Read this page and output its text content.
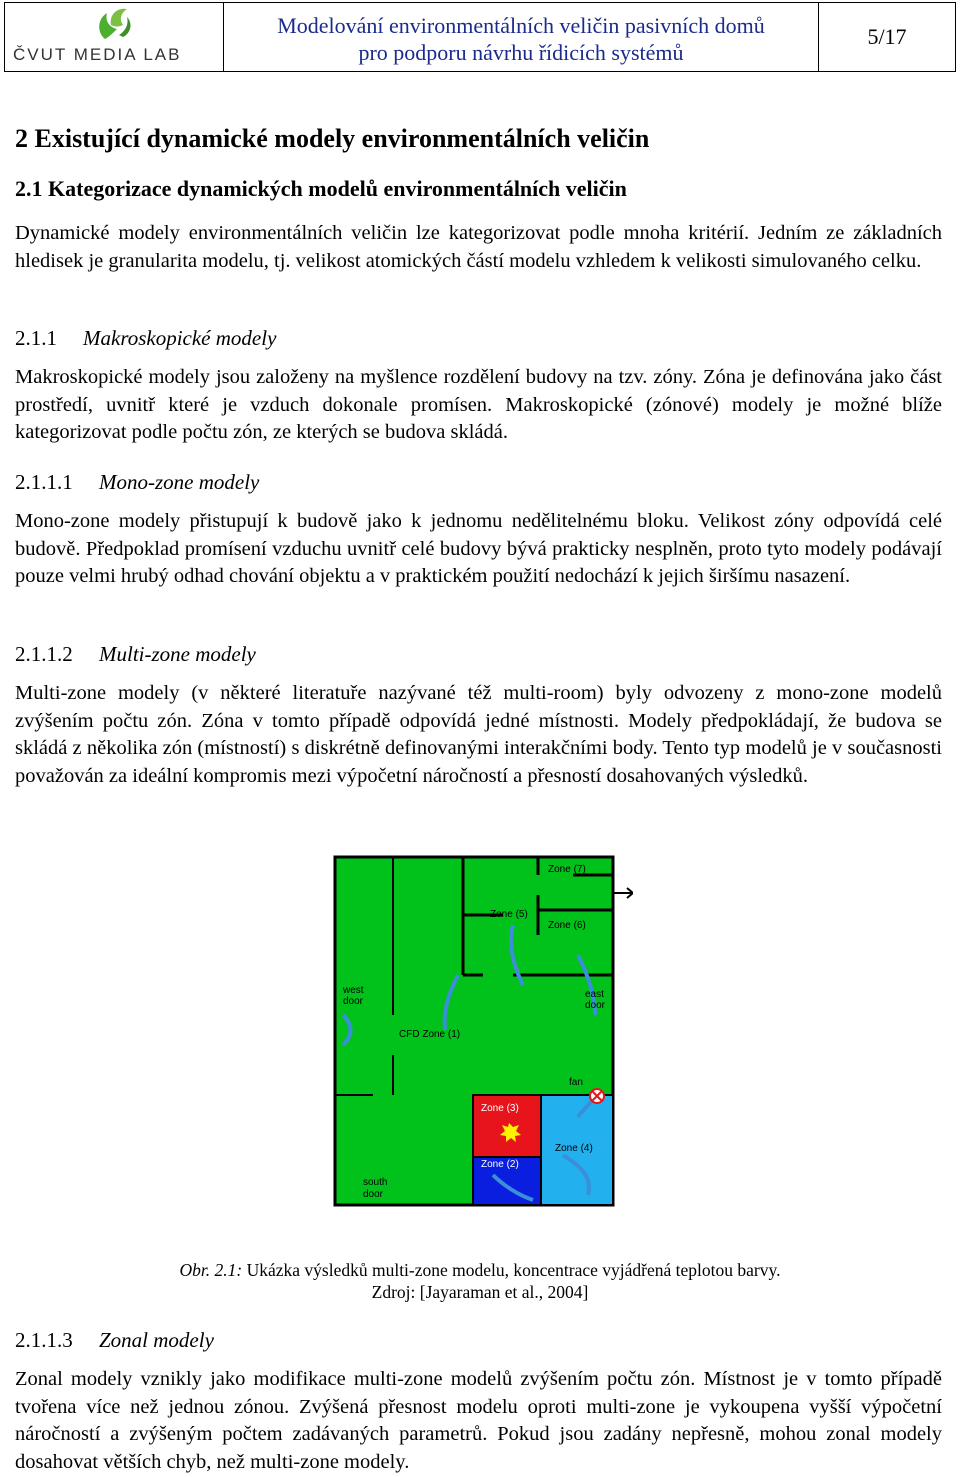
ČVUT MEDIA LAB
Modelování environmentálních veličin pasivních domů
pro podporu návrhu řídicích systémů
5/17
2 Existující dynamické modely environmentálních veličin
2.1 Kategorizace dynamických modelů environmentálních veličin

Dynamické modely environmentálních veličin lze kategorizovat podle mnoha kritérií. Jedním ze základních hledisek je granularita modelu, tj. velikost atomických částí modelu vzhledem k velikosti simulovaného celku.

2.1.1 Makroskopické modely

Makroskopické modely jsou založeny na myšlence rozdělení budovy na tzv. zóny. Zóna je definována jako část prostředí, uvnitř které je vzduch dokonale promísen. Makroskopické (zónové) modely je možné blíže kategorizovat podle počtu zón, ze kterých se budova skládá.

2.1.1.1 Mono-zone modely

Mono-zone modely přistupují k budově jako k jednomu nedělitelnému bloku. Velikost zóny odpovídá celé budově. Předpoklad promísení vzduchu uvnitř celé budovy bývá prakticky nesplněn, proto tyto modely podávají pouze velmi hrubý odhad chování objektu a v praktickém použití nedochází k jejich širšímu nasazení.

2.1.1.2 Multi-zone modely

Multi-zone modely (v některé literatuře nazývané též multi-room) byly odvozeny z mono-zone modelů zvýšením počtu zón. Zóna v tomto případě odpovídá jedné místnosti. Modely předpokládají, že budova se skládá z několika zón (místností) s diskrétně definovanými interakčními body. Tento typ modelů je v současnosti považován za ideální kompromis mezi výpočetní náročností a přesností dosahovaných výsledků.

Zone (7)
Zone (5)
Zone (6)
west
door
east
door
CFD Zone (1)
fan
Zone (3)
Zone (4)
Zone (2)
south
door
Obr. 2.1: Ukázka výsledků multi-zone modelu, koncentrace vyjádřená teplotou barvy.
Zdroj: [Jayaraman et al., 2004]
2.1.1.3 Zonal modely

Zonal modely vznikly jako modifikace multi-zone modelů zvýšením počtu zón. Místnost je v tomto případě tvořena více než jednou zónou. Zvýšená přesnost modelu oproti multi-zone je vykoupena vyšší výpočetní náročností a zvýšeným počtem zadávaných parametrů. Pokud jsou zadány nepřesně, mohou zonal modely dosahovat větších chyb, než multi-zone modely.
